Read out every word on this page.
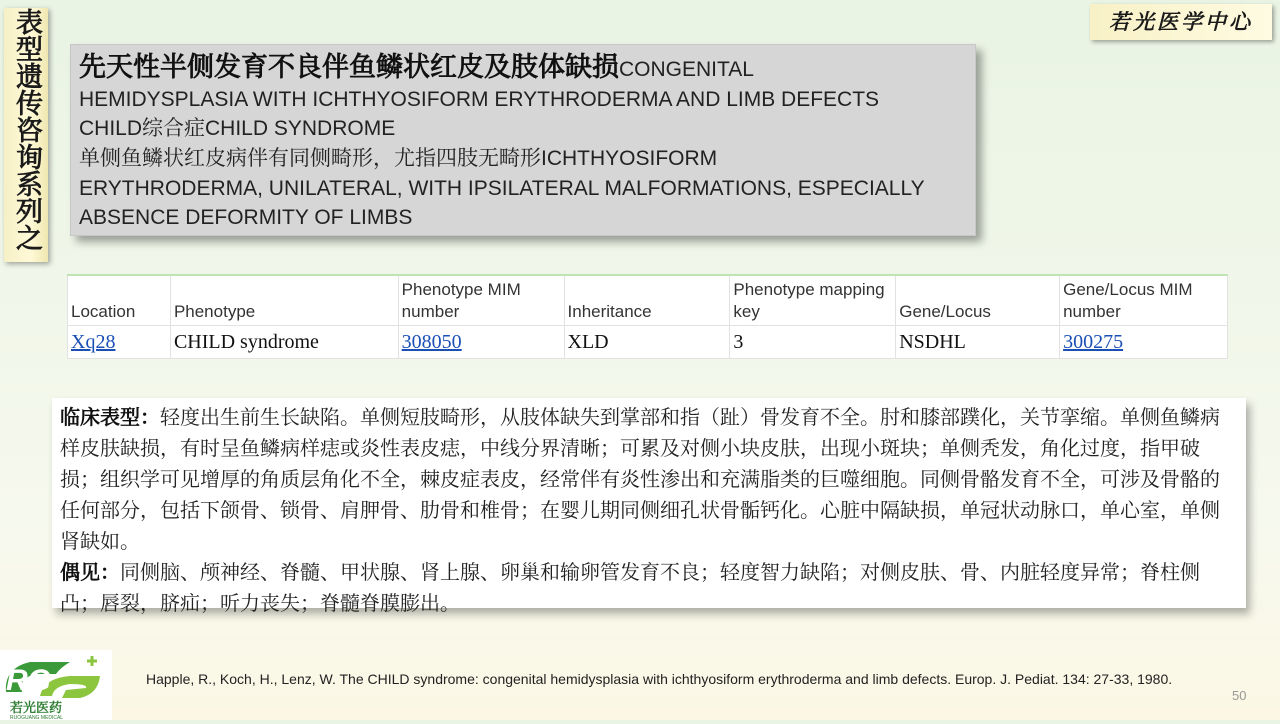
表型遗传咨询系列之	若光医学中心
先天性半侧发育不良伴鱼鳞状红皮及肢体缺损CONGENITAL
HEMIDYSPLASIA WITH ICHTHYOSIFORM ERYTHRODERMA AND LIMB DEFECTS
CHILD综合症CHILD SYNDROME
单侧鱼鳞状红皮病伴有同侧畸形，尤指四肢无畸形ICHTHYOSIFORM
ERYTHRODERMA, UNILATERAL, WITH IPSILATERAL MALFORMATIONS, ESPECIALLY
ABSENCE DEFORMITY OF LIMBS
Location	Phenotype	Phenotype MIM number	Inheritance	Phenotype mapping key	Gene/Locus	Gene/Locus MIM number
Xq28	CHILD syndrome	308050	XLD	3	NSDHL	300275
临床表型：轻度出生前生长缺陷。单侧短肢畸形，从肢体缺失到掌部和指（趾）骨发育不全。肘和膝部蹼化，关节挛缩。单侧鱼鳞病样皮肤缺损，有时呈鱼鳞病样痣或炎性表皮痣，中线分界清晰；可累及对侧小块皮肤，出现小斑块；单侧秃发，角化过度，指甲破损；组织学可见增厚的角质层角化不全，棘皮症表皮，经常伴有炎性渗出和充满脂类的巨噬细胞。同侧骨骼发育不全，可涉及骨骼的任何部分，包括下颌骨、锁骨、肩胛骨、肋骨和椎骨；在婴儿期同侧细孔状骨骺钙化。心脏中隔缺损，单冠状动脉口，单心室，单侧肾缺如。
偶见：同侧脑、颅神经、脊髓、甲状腺、肾上腺、卵巢和输卵管发育不良；轻度智力缺陷；对侧皮肤、骨、内脏轻度异常；脊柱侧凸；唇裂，脐疝；听力丧失；脊髓脊膜膨出。
RG
若光医药
RUOGUANG MEDICAL
Happle, R., Koch, H., Lenz, W. The CHILD syndrome: congenital hemidysplasia with ichthyosiform erythroderma and limb defects. Europ. J. Pediat. 134: 27-33, 1980.
50
